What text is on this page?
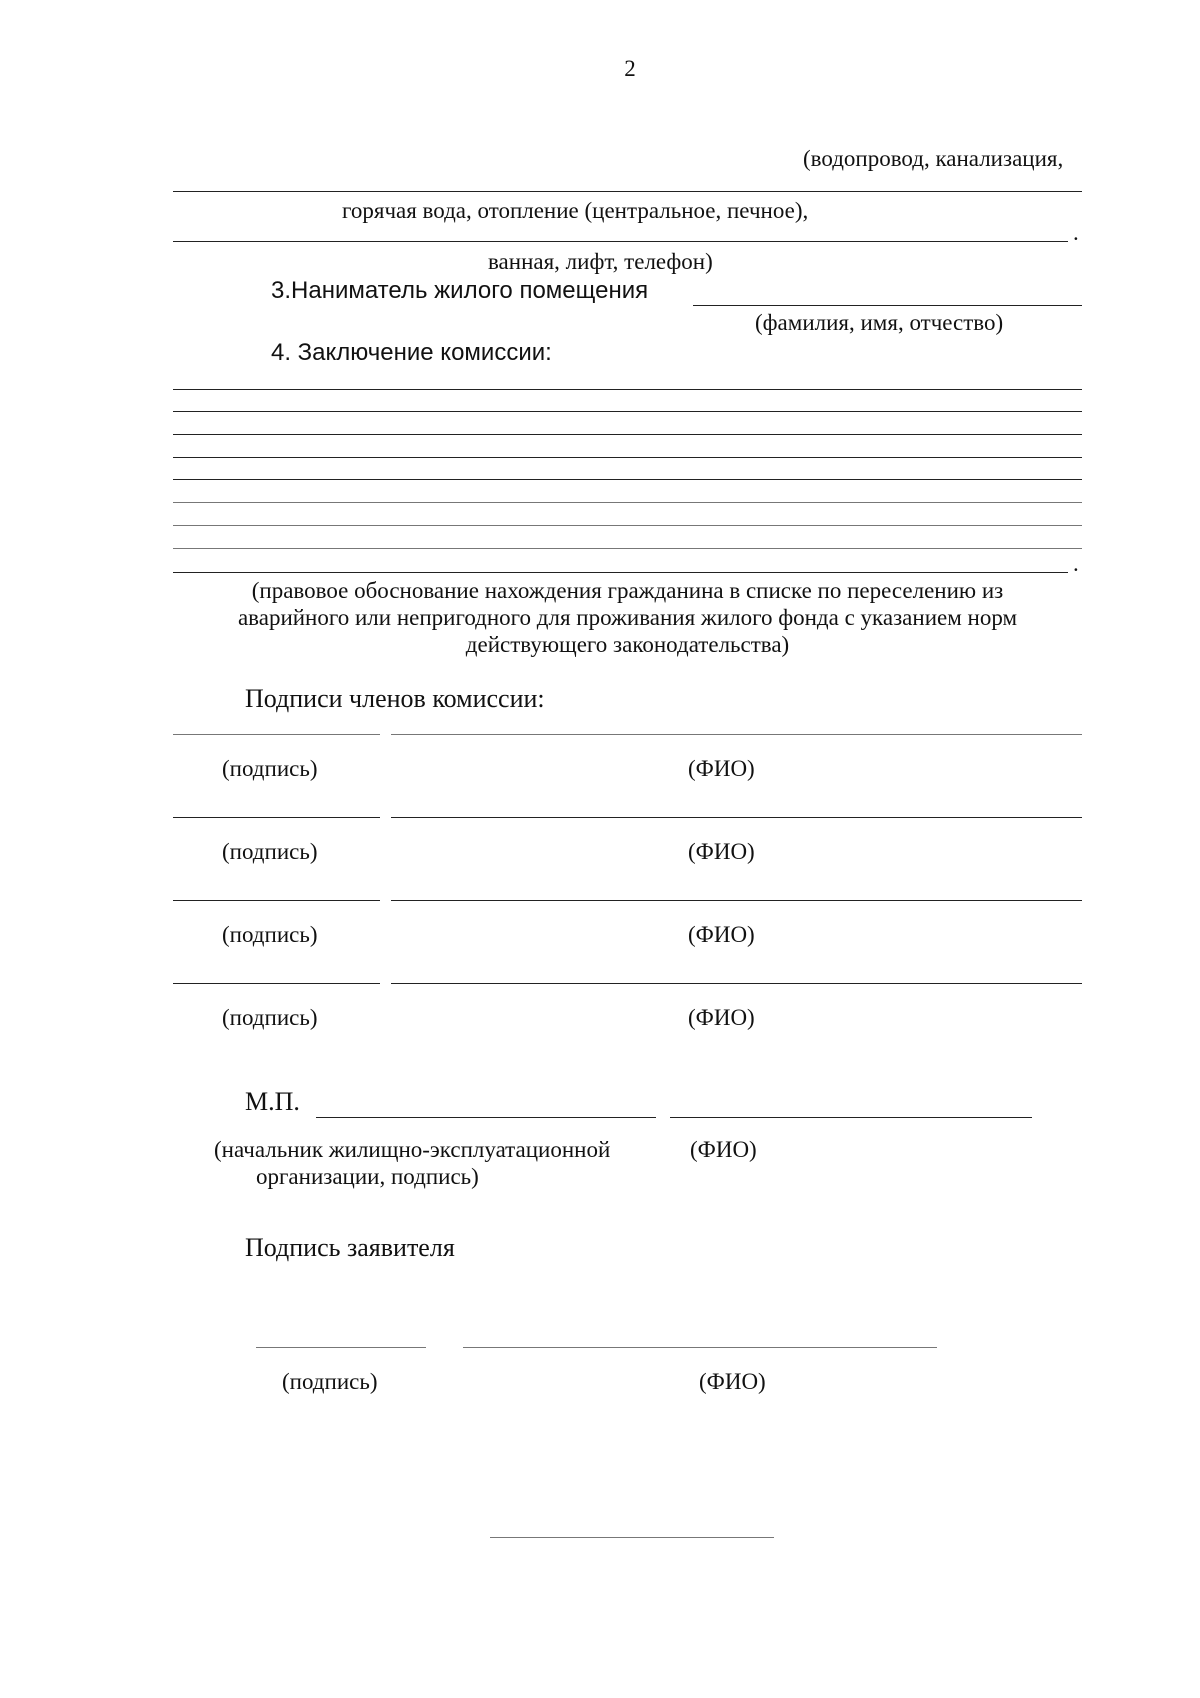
2
(водопровод, канализация,
горячая вода, отопление (центральное, печное),
.
ванная, лифт, телефон)
3.Наниматель жилого помещения
(фамилия, имя, отчество)
4. Заключение комиссии:
.
(правовое обоснование нахождения гражданина в списке по переселению из
аварийного или непригодного для проживания жилого фонда с указанием норм
действующего законодательства)
Подписи членов комиссии:
(подпись)	(ФИО)
(подпись)	(ФИО)
(подпись)	(ФИО)
(подпись)	(ФИО)
М.П.
(начальник жилищно-эксплуатационной
организации, подпись)
(ФИО)
Подпись заявителя
(подпись)	(ФИО)
